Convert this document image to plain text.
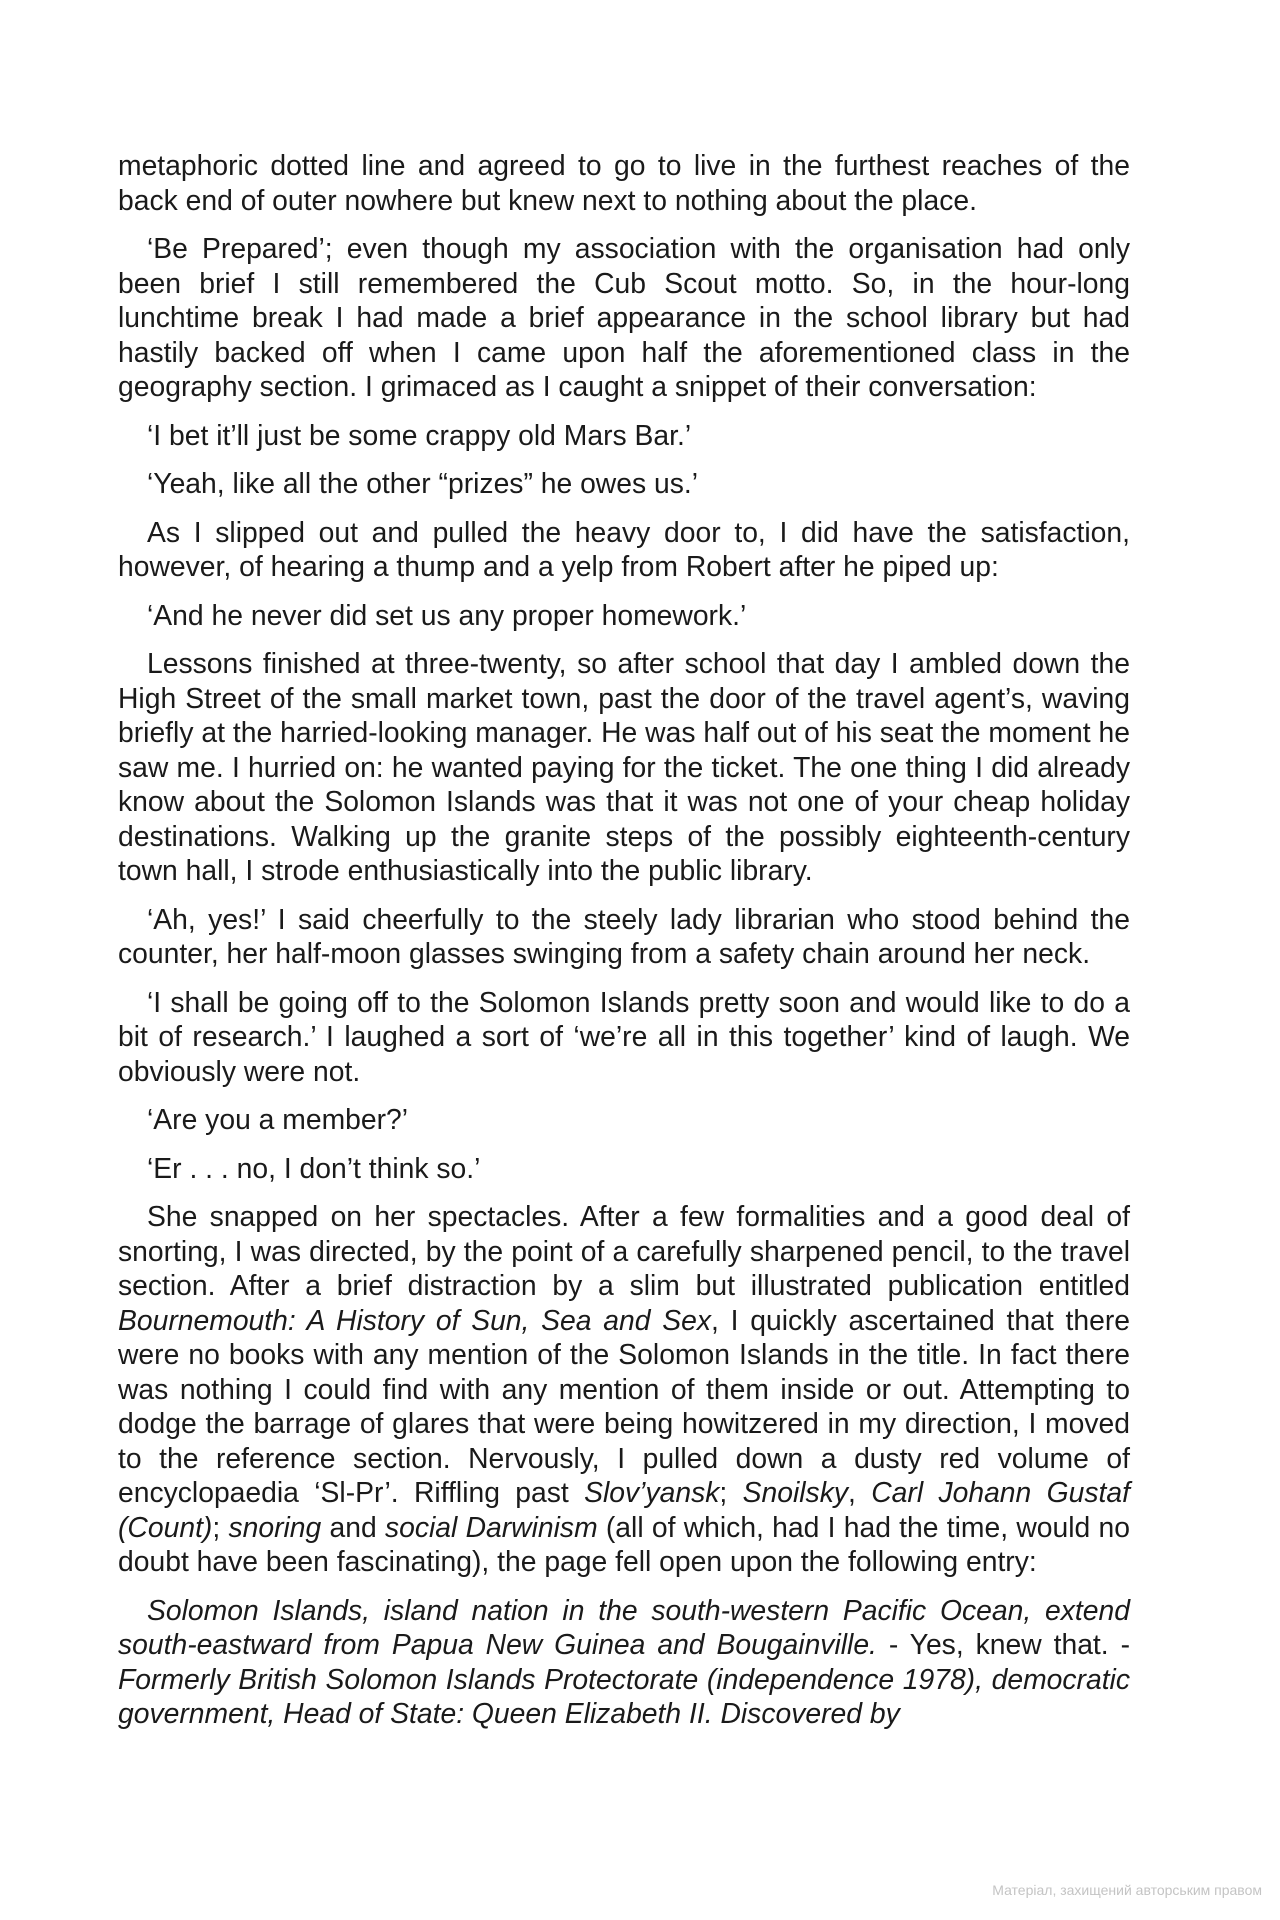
metaphoric dotted line and agreed to go to live in the furthest reaches of the back end of outer nowhere but knew next to nothing about the place.

‘Be Prepared’; even though my association with the organisation had only been brief I still remembered the Cub Scout motto. So, in the hour-long lunchtime break I had made a brief appearance in the school library but had hastily backed off when I came upon half the aforementioned class in the geography section. I grimaced as I caught a snippet of their conversation:

‘I bet it’ll just be some crappy old Mars Bar.’

‘Yeah, like all the other “prizes” he owes us.’

As I slipped out and pulled the heavy door to, I did have the satisfaction, however, of hearing a thump and a yelp from Robert after he piped up:

‘And he never did set us any proper homework.’

Lessons finished at three-twenty, so after school that day I ambled down the High Street of the small market town, past the door of the travel agent’s, waving briefly at the harried-looking manager. He was half out of his seat the moment he saw me. I hurried on: he wanted paying for the ticket. The one thing I did already know about the Solomon Islands was that it was not one of your cheap holiday destinations. Walking up the granite steps of the possibly eighteenth-century town hall, I strode enthusiastically into the public library.

‘Ah, yes!’ I said cheerfully to the steely lady librarian who stood behind the counter, her half-moon glasses swinging from a safety chain around her neck.

‘I shall be going off to the Solomon Islands pretty soon and would like to do a bit of research.’ I laughed a sort of ‘we’re all in this together’ kind of laugh. We obviously were not.

‘Are you a member?’

‘Er . . . no, I don’t think so.’

She snapped on her spectacles. After a few formalities and a good deal of snorting, I was directed, by the point of a carefully sharpened pencil, to the travel section. After a brief distraction by a slim but illustrated publication entitled Bournemouth: A History of Sun, Sea and Sex, I quickly ascertained that there were no books with any mention of the Solomon Islands in the title. In fact there was nothing I could find with any mention of them inside or out. Attempting to dodge the barrage of glares that were being howitzered in my direction, I moved to the reference section. Nervously, I pulled down a dusty red volume of encyclopaedia ‘Sl-Pr’. Riffling past Slov’yansk; Snoilsky, Carl Johann Gustaf (Count); snoring and social Darwinism (all of which, had I had the time, would no doubt have been fascinating), the page fell open upon the following entry:

Solomon Islands, island nation in the south-western Pacific Ocean, extend south-eastward from Papua New Guinea and Bougainville. - Yes, knew that. - Formerly British Solomon Islands Protectorate (independence 1978), democratic government, Head of State: Queen Elizabeth II. Discovered by

Матеріал, захищений авторським правом
